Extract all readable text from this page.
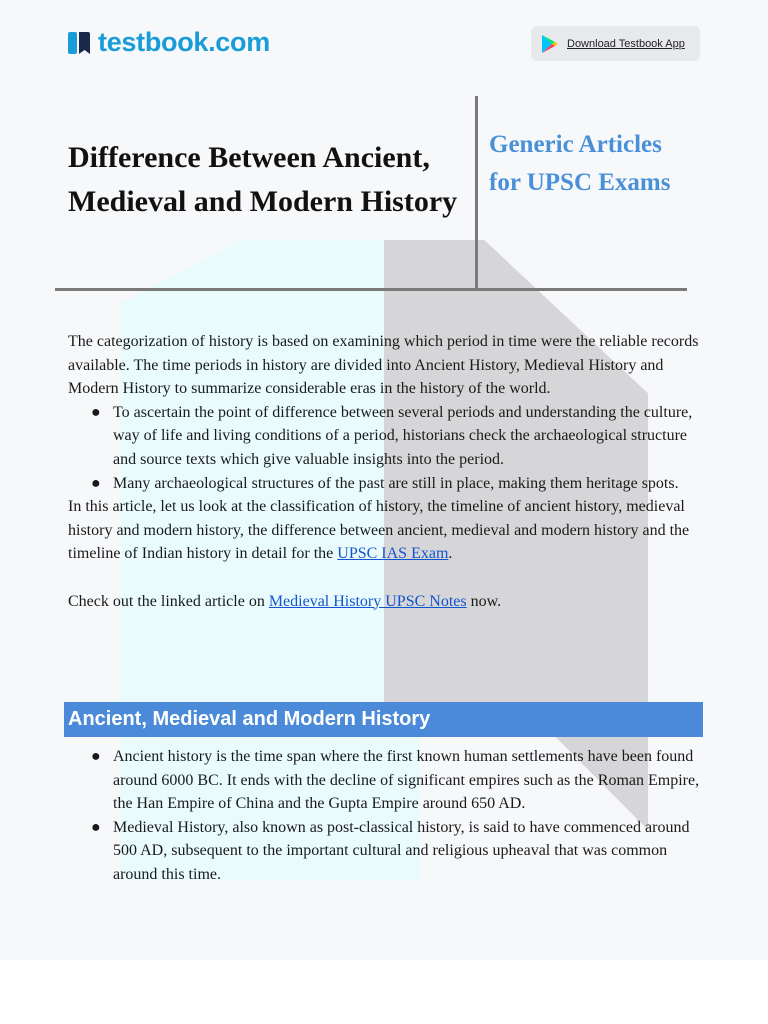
testbook.com	Download Testbook App
Difference Between Ancient, Medieval and Modern History
Generic Articles for UPSC Exams

The categorization of history is based on examining which period in time were the reliable records available. The time periods in history are divided into Ancient History, Medieval History and Modern History to summarize considerable eras in the history of the world.

● To ascertain the point of difference between several periods and understanding the culture, way of life and living conditions of a period, historians check the archaeological structure and source texts which give valuable insights into the period.
● Many archaeological structures of the past are still in place, making them heritage spots.

In this article, let us look at the classification of history, the timeline of ancient history, medieval history and modern history, the difference between ancient, medieval and modern history and the timeline of Indian history in detail for the UPSC IAS Exam.

Check out the linked article on Medieval History UPSC Notes now.

Ancient, Medieval and Modern History
● Ancient history is the time span where the first known human settlements have been found around 6000 BC. It ends with the decline of significant empires such as the Roman Empire, the Han Empire of China and the Gupta Empire around 650 AD.
● Medieval History, also known as post-classical history, is said to have commenced around 500 AD, subsequent to the important cultural and religious upheaval that was common around this time.
